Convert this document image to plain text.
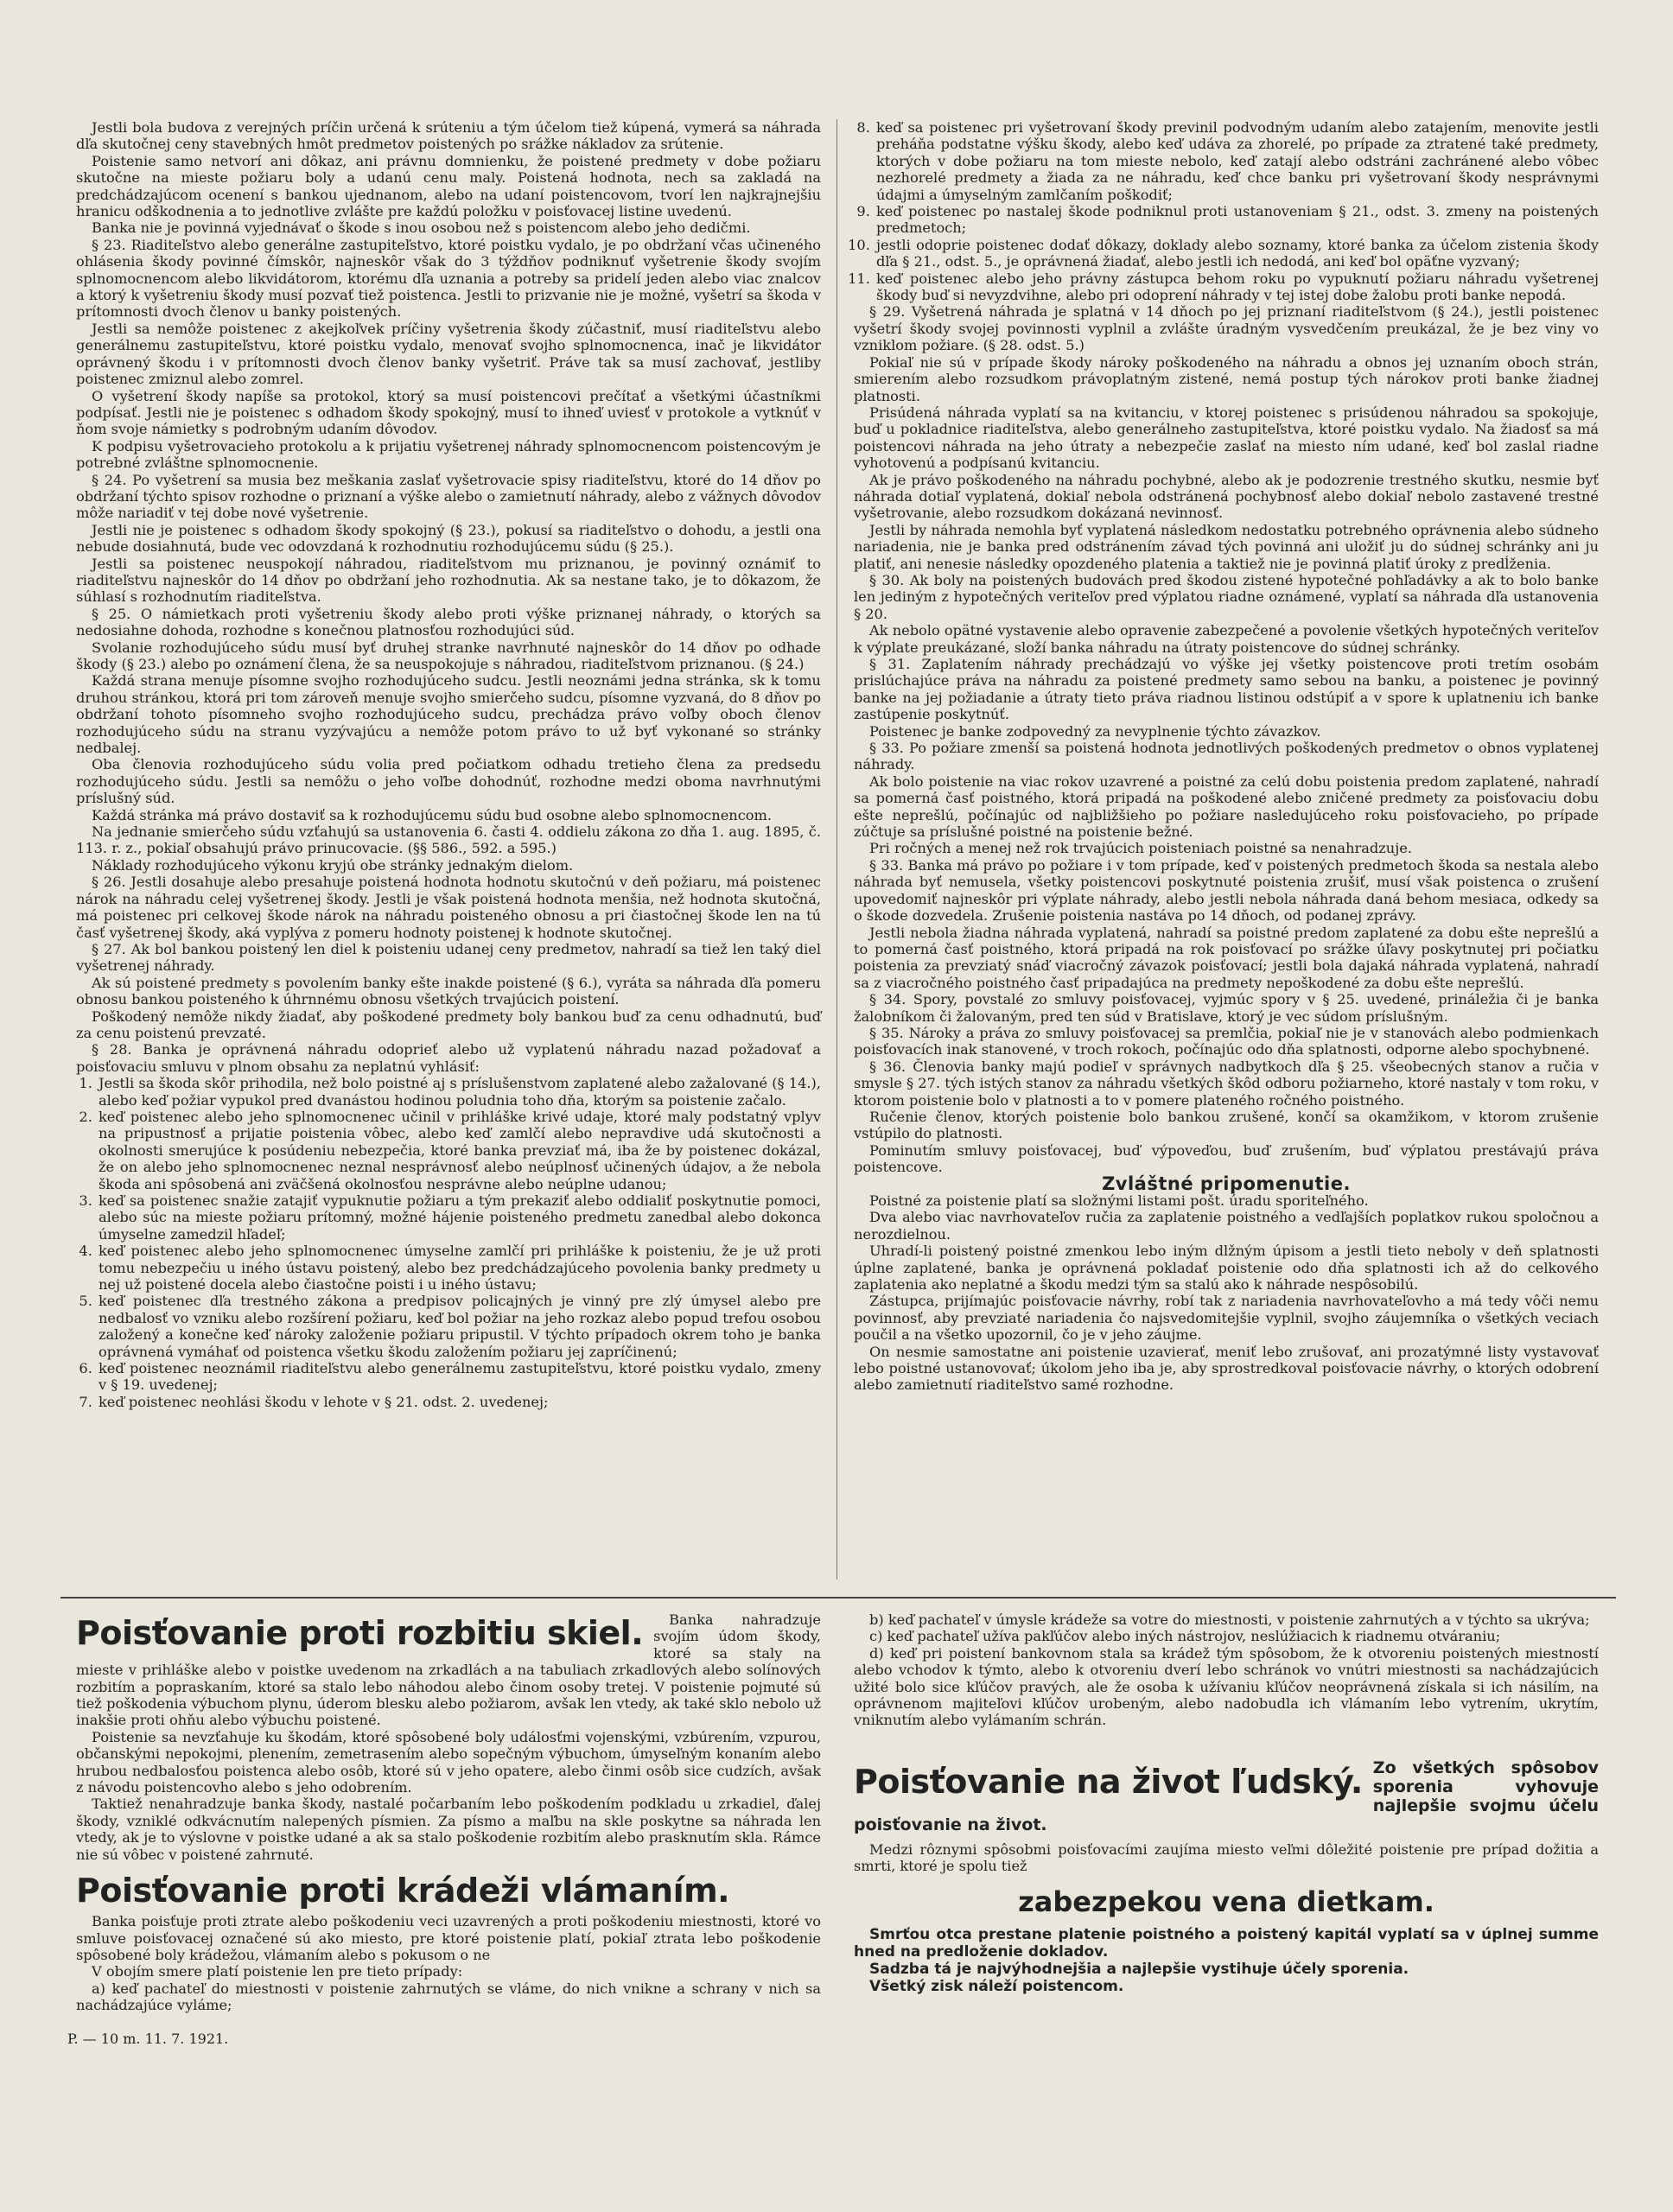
Jestli bola budova z verejných príčin určená k srúteniu a tým účelom tiež kúpená, vymerá sa náhrada dľa skutočnej ceny stavebných hmôt predmetov poistených po srážke nákladov za srútenie.

Poistenie samo netvorí ani dôkaz, ani právnu domnienku, že poistené predmety v dobe požiaru skutočne na mieste požiaru boly a udanú cenu maly. Poistená hodnota, nech sa zakladá na predchádzajúcom ocenení s bankou ujednanom, alebo na udaní poistencovom, tvorí len najkrajnejšiu hranicu odškodnenia a to jednotlive zvlášte pre každú položku v poisťovacej listine uvedenú.

Banka nie je povinná vyjednávať o škode s inou osobou než s poistencom alebo jeho dedičmi.

§ 23. Riaditeľstvo alebo generálne zastupiteľstvo, ktoré poistku vydalo, je po obdržaní včas učineného ohlásenia škody povinné čímskôr, najneskôr však do 3 týždňov podniknuť vyšetrenie škody svojím splnomocnencom alebo likvidátorom, ktorému dľa uznania a potreby sa pridelí jeden alebo viac znalcov a ktorý k vyšetreniu škody musí pozvať tiež poistenca. Jestli to prizvanie nie je možné, vyšetrí sa škoda v prítomnosti dvoch členov u banky poistených.

Jestli sa nemôže poistenec z akejkoľvek príčiny vyšetrenia škody zúčastniť, musí riaditeľstvu alebo generálnemu zastupiteľstvu, ktoré poistku vydalo, menovať svojho splnomocnenca, inač je likvidátor oprávnený škodu i v prítomnosti dvoch členov banky vyšetriť. Práve tak sa musí zachovať, jestliby poistenec zmiznul alebo zomrel.

O vyšetrení škody napíše sa protokol, ktorý sa musí poistencovi prečítať a všetkými účastníkmi podpísať. Jestli nie je poistenec s odhadom škody spokojný, musí to ihneď uviesť v protokole a vytknúť v ňom svoje námietky s podrobným udaním dôvodov.

K podpisu vyšetrovacieho protokolu a k prijatiu vyšetrenej náhrady splnomocnencom poistencovým je potrebné zvláštne splnomocnenie.

§ 24. Po vyšetrení sa musia bez meškania zaslať vyšetrovacie spisy riaditeľstvu, ktoré do 14 dňov po obdržaní týchto spisov rozhodne o priznaní a výške alebo o zamietnutí náhrady, alebo z vážnych dôvodov môže nariadiť v tej dobe nové vyšetrenie.

Jestli nie je poistenec s odhadom škody spokojný (§ 23.), pokusí sa riaditeľstvo o dohodu, a jestli ona nebude dosiahnutá, bude vec odovzdaná k rozhodnutiu rozhodujúcemu súdu (§ 25.).

Jestli sa poistenec neuspokojí náhradou, riaditeľstvom mu priznanou, je povinný oznámiť to riaditeľstvu najneskôr do 14 dňov po obdržaní jeho rozhodnutia. Ak sa nestane tako, je to dôkazom, že súhlasí s rozhodnutím riaditeľstva.

§ 25. O námietkach proti vyšetreniu škody alebo proti výške priznanej náhrady, o ktorých sa nedosiahne dohoda, rozhodne s konečnou platnosťou rozhodujúci súd.

Svolanie rozhodujúceho súdu musí byť druhej stranke navrhnuté najneskôr do 14 dňov po odhade škody (§ 23.) alebo po oznámení člena, že sa neuspokojuje s náhradou, riaditeľstvom priznanou. (§ 24.)

Každá strana menuje písomne svojho rozhodujúceho sudcu. Jestli neoznámi jedna stránka, sk k tomu druhou stránkou, ktorá pri tom zároveň menuje svojho smierčeho sudcu, písomne vyzvaná, do 8 dňov po obdržaní tohoto písomneho svojho rozhodujúceho sudcu, prechádza právo voľby oboch členov rozhodujúceho súdu na stranu vyzývajúcu a nemôže potom právo to už byť vykonané so stránky nedbalej.

Oba členovia rozhodujúceho súdu volia pred počiatkom odhadu tretieho člena za predsedu rozhodujúceho súdu. Jestli sa nemôžu o jeho voľbe dohodnúť, rozhodne medzi oboma navrhnutými príslušný súd.

Každá stránka má právo dostaviť sa k rozhodujúcemu súdu bud osobne alebo splnomocnencom.

Na jednanie smierčeho súdu vzťahujú sa ustanovenia 6. časti 4. oddielu zákona zo dňa 1. aug. 1895, č. 113. r. z., pokiaľ obsahujú právo prinucovacie. (§§ 586., 592. a 595.)

Náklady rozhodujúceho výkonu kryjú obe stránky jednakým dielom.

§ 26. Jestli dosahuje alebo presahuje poistená hodnota hodnotu skutočnú v deň požiaru, má poistenec nárok na náhradu celej vyšetrenej škody. Jestli je však poistená hodnota menšia, než hodnota skutočná, má poistenec pri celkovej škode nárok na náhradu poisteného obnosu a pri čiastočnej škode len na tú časť vyšetrenej škody, aká vyplýva z pomeru hodnoty poistenej k hodnote skutočnej.

§ 27. Ak bol bankou poistený len diel k poisteniu udanej ceny predmetov, nahradí sa tiež len taký diel vyšetrenej náhrady.

Ak sú poistené predmety s povolením banky ešte inakde poistené (§ 6.), vyráta sa náhrada dľa pomeru obnosu bankou poisteného k úhrnnému obnosu všetkých trvajúcich poistení.

Poškodený nemôže nikdy žiadať, aby poškodené predmety boly bankou buď za cenu odhadnutú, buď za cenu poistenú prevzaté.

§ 28. Banka je oprávnená náhradu odoprieť alebo už vyplatenú náhradu nazad požadovať a poisťovaciu smluvu v plnom obsahu za neplatnú vyhlásiť:

1. Jestli sa škoda skôr prihodila, než bolo poistné aj s príslušenstvom zaplatené alebo zažalované (§ 14.), alebo keď požiar vypukol pred dvanástou hodinou poludnia toho dňa, ktorým sa poistenie začalo.
2. keď poistenec alebo jeho splnomocnenec učinil v prihláške krivé udaje, ktoré maly podstatný vplyv na pripustnosť a prijatie poistenia vôbec, alebo keď zamlčí alebo nepravdive udá skutočnosti a okolnosti smerujúce k posúdeniu nebezpečia, ktoré banka prevziať má, iba že by poistenec dokázal, že on alebo jeho splnomocnenec neznal nesprávnosť alebo neúplnosť učinených údajov, a že nebola škoda ani spôsobená ani zväčšená okolnosťou nesprávne alebo neúplne udanou;
3. keď sa poistenec snažie zatajiť vypuknutie požiaru a tým prekaziť alebo oddialiť poskytnutie pomoci, alebo súc na mieste požiaru prítomný, možné hájenie poisteného predmetu zanedbal alebo dokonca úmyselne zamedzil hľadeľ;
4. keď poistenec alebo jeho splnomocnenec úmyselne zamlčí pri prihláške k poisteniu, že je už proti tomu nebezpečiu u iného ústavu poistený, alebo bez predchádzajúceho povolenia banky predmety u nej už poistené docela alebo čiastočne poisti i u iného ústavu;
5. keď poistenec dľa trestného zákona a predpisov policajných je vinný pre zlý úmysel alebo pre nedbalosť vo vzniku alebo rozšírení požiaru, keď bol požiar na jeho rozkaz alebo popud trefou osobou založený a konečne keď nároky založenie požiaru pripustil. V týchto prípadoch okrem toho je banka oprávnená vymáhať od poistenca všetku škodu založením požiaru jej zapríčinenú;
6. keď poistenec neoznámil riaditeľstvu alebo generálnemu zastupiteľstvu, ktoré poistku vydalo, zmeny v § 19. uvedenej;
7. keď poistenec neohlási škodu v lehote v § 21. odst. 2. uvedenej;
8. keď sa poistenec pri vyšetrovaní škody previnil podvodným udaním alebo zatajením, menovite jestli preháňa podstatne výšku škody, alebo keď udáva za zhorelé, po prípade za ztratené také predmety, ktorých v dobe požiaru na tom mieste nebolo, keď zatají alebo odstráni zachránené alebo vôbec nezhorelé predmety a žiada za ne náhradu, keď chce banku pri vyšetrovaní škody nesprávnymi údajmi a úmyselným zamlčaním poškodiť;
9. keď poistenec po nastalej škode podniknul proti ustanoveniam § 21., odst. 3. zmeny na poistených predmetoch;
10. jestli odoprie poistenec dodať dôkazy, doklady alebo soznamy, ktoré banka za účelom zistenia škody dľa § 21., odst. 5., je oprávnená žiadať, alebo jestli ich nedodá, ani keď bol opäťne vyzvaný;
11. keď poistenec alebo jeho právny zástupca behom roku po vypuknutí požiaru náhradu vyšetrenej škody buď si nevyzdvihne, alebo pri odoprení náhrady v tej istej dobe žalobu proti banke nepodá.

§ 29. Vyšetrená náhrada je splatná v 14 dňoch po jej priznaní riaditeľstvom (§ 24.), jestli poistenec vyšetrí škody svojej povinnosti vyplnil a zvlášte úradným vysvedčením preukázal, že je bez viny vo vzniklom požiare. (§ 28. odst. 5.)

Pokiaľ nie sú v prípade škody nároky poškodeného na náhradu a obnos jej uznaním oboch strán, smierením alebo rozsudkom právoplatným zistené, nemá postup tých nárokov proti banke žiadnej platnosti.

Prisúdená náhrada vyplatí sa na kvitanciu, v ktorej poistenec s prisúdenou náhradou sa spokojuje, buď u pokladnice riaditeľstva, alebo generálneho zastupiteľstva, ktoré poistku vydalo. Na žiadosť sa má poistencovi náhrada na jeho útraty a nebezpečie zaslať na miesto ním udané, keď bol zaslal riadne vyhotovenú a podpísanú kvitanciu.

Ak je právo poškodeného na náhradu pochybné, alebo ak je podozrenie trestného skutku, nesmie byť náhrada dotiaľ vyplatená, dokiaľ nebola odstránená pochybnosť alebo dokiaľ nebolo zastavené trestné vyšetrovanie, alebo rozsudkom dokázaná nevinnosť.

Jestli by náhrada nemohla byť vyplatená následkom nedostatku potrebného oprávnenia alebo súdneho nariadenia, nie je banka pred odstránením závad tých povinná ani uložiť ju do súdnej schránky ani ju platiť, ani nenesie následky opozdeného platenia a taktiež nie je povinná platiť úroky z predĺženia.

§ 30. Ak boly na poistených budovách pred škodou zistené hypotečné pohľadávky a ak to bolo banke len jediným z hypotečných veriteľov pred výplatou riadne oznámené, vyplatí sa náhrada dľa ustanovenia § 20.

Ak nebolo opätné vystavenie alebo opravenie zabezpečené a povolenie všetkých hypotečných veriteľov k výplate preukázané, složí banka náhradu na útraty poistencove do súdnej schránky.

§ 31. Zaplatením náhrady prechádzajú vo výške jej všetky poistencove proti tretím osobám prislúchajúce práva na náhradu za poistené predmety samo sebou na banku, a poistenec je povinný banke na jej požiadanie a útraty tieto práva riadnou listinou odstúpiť a v spore k uplatneniu ich banke zastúpenie poskytnúť.

Poistenec je banke zodpovedný za nevyplnenie týchto závazkov.

§ 33. Po požiare zmenší sa poistená hodnota jednotlivých poškodených predmetov o obnos vyplatenej náhrady.

Ak bolo poistenie na viac rokov uzavrené a poistné za celú dobu poistenia predom zaplatené, nahradí sa pomerná časť poistného, ktorá pripadá na poškodené alebo zničené predmety za poisťovaciu dobu ešte neprešlú, počínajúc od najbližšieho po požiare nasledujúceho roku poisťovacieho, po prípade zúčtuje sa príslušné poistné na poistenie bežné.

Pri ročných a menej než rok trvajúcich poisteniach poistné sa nenahradzuje.

§ 33. Banka má právo po požiare i v tom prípade, keď v poistených predmetoch škoda sa nestala alebo náhrada byť nemusela, všetky poistencovi poskytnuté poistenia zrušiť, musí však poistenca o zrušení upovedomiť najneskôr pri výplate náhrady, alebo jestli nebola náhrada daná behom mesiaca, odkedy sa o škode dozvedela. Zrušenie poistenia nastáva po 14 dňoch, od podanej zprávy.

Jestli nebola žiadna náhrada vyplatená, nahradí sa poistné predom zaplatené za dobu ešte neprešlú a to pomerná časť poistného, ktorá pripadá na rok poisťovací po srážke úľavy poskytnutej pri počiatku poistenia za prevziatý snáď viacročný závazok poisťovací; jestli bola dajaká náhrada vyplatená, nahradí sa z viacročného poistného časť pripadajúca na predmety nepoškodené za dobu ešte neprešlú.

§ 34. Spory, povstalé zo smluvy poisťovacej, vyjmúc spory v § 25. uvedené, prináležia či je banka žalobníkom či žalovaným, pred ten súd v Bratislave, ktorý je vec súdom príslušným.

§ 35. Nároky a práva zo smluvy poisťovacej sa premlčia, pokiaľ nie je v stanovách alebo podmienkach poisťovacích inak stanovené, v troch rokoch, počínajúc odo dňa splatnosti, odporne alebo spochybnené.

§ 36. Členovia banky majú podieľ v správnych nadbytkoch dľa § 25. všeobecných stanov a ručia v smysle § 27. tých istých stanov za náhradu všetkých škôd odboru požiarneho, ktoré nastaly v tom roku, v ktorom poistenie bolo v platnosti a to v pomere plateného ročného poistného.

Ručenie členov, ktorých poistenie bolo bankou zrušené, končí sa okamžikom, v ktorom zrušenie vstúpilo do platnosti.

Pominutím smluvy poisťovacej, buď výpoveďou, buď zrušením, buď výplatou prestávajú práva poistencove.

Zvláštné pripomenutie.

Poistné za poistenie platí sa složnými listami pošt. úradu sporiteľného.

Dva alebo viac navrhovateľov ručia za zaplatenie poistného a vedľajších poplatkov rukou spoločnou a nerozdielnou.

Uhradí-li poistený poistné zmenkou lebo iným dlžným úpisom a jestli tieto neboly v deň splatnosti úplne zaplatené, banka je oprávnená pokladať poistenie odo dňa splatnosti ich až do celkového zaplatenia ako neplatné a škodu medzi tým sa stalú ako k náhrade nespôsobilú.

Zástupca, prijímajúc poisťovacie návrhy, robí tak z nariadenia navrhovateľovho a má tedy vôči nemu povinnosť, aby prevziaté nariadenia čo najsvedomitejšie vyplnil, svojho záujemníka o všetkých veciach poučil a na všetko upozornil, čo je v jeho záujme.

On nesmie samostatne ani poistenie uzavierať, meniť lebo zrušovať, ani prozatýmné listy vystavovať lebo poistné ustanovovať; úkolom jeho iba je, aby sprostredkoval poisťovacie návrhy, o ktorých odobrení alebo zamietnutí riaditeľstvo samé rozhodne.

Poisťovanie proti rozbitiu skiel.	Banka nahradzuje svojím údom škody, ktoré sa staly na mieste v prihláške alebo v poistke uvedenom na zrkadlách a na tabuliach zrkadlových alebo solínových rozbitím a popraskaním, ktoré sa stalo lebo náhodou alebo činom osoby tretej. V poistenie pojmuté sú tiež poškodenia výbuchom plynu, úderom blesku alebo požiarom, avšak len vtedy, ak také sklo nebolo už inakšie proti ohňu alebo výbuchu poistené.

Poistenie sa nevzťahuje ku škodám, ktoré spôsobené boly událosťmi vojenskými, vzbúrením, vzpurou, občanskými nepokojmi, plenením, zemetrasením alebo sopečným výbuchom, úmyseľným konaním alebo hrubou nedbalosťou poistenca alebo osôb, ktoré sú v jeho opatere, alebo činmi osôb sice cudzích, avšak z návodu poistencovho alebo s jeho odobrením.

Taktiež nenahradzuje banka škody, nastalé počarbaním lebo poškodením podkladu u zrkadiel, ďalej škody, vzniklé odkvácnutím nalepených písmien. Za písmo a maľbu na skle poskytne sa náhrada len vtedy, ak je to výslovne v poistke udané a ak sa stalo poškodenie rozbitím alebo prasknutím skla. Rámce nie sú vôbec v poistené zahrnuté.

Poisťovanie proti krádeži vlámaním.

Banka poisťuje proti ztrate alebo poškodeniu veci uzavrených a proti poškodeniu miestnosti, ktoré vo smluve poisťovacej označené sú ako miesto, pre ktoré poistenie platí, pokiaľ ztrata lebo poškodenie spôsobené boly krádežou, vlámaním alebo s pokusom o ne

V obojím smere platí poistenie len pre tieto prípady:

a) keď pachateľ do miestnosti v poistenie zahrnutých se vláme, do nich vnikne a schrany v nich sa nachádzajúce vyláme;

b) keď pachateľ v úmysle krádeže sa votre do miestnosti, v poistenie zahrnutých a v týchto sa ukrýva;

c) keď pachateľ užíva pakľúčov alebo iných nástrojov, neslúžiacich k riadnemu otváraniu;

d) keď pri poistení bankovnom stala sa krádež tým spôsobom, že k otvoreniu poistených miestností alebo vchodov k týmto, alebo k otvoreniu dverí lebo schránok vo vnútri miestnosti sa nachádzajúcich užité bolo sice kľúčov pravých, ale že osoba k užívaniu kľúčov neoprávnená získala si ich násilím, na oprávnenom majiteľovi kľúčov urobeným, alebo nadobudla ich vlámaním lebo vytrením, ukrytím, vniknutím alebo vylámaním schrán.

Poisťovanie na život ľudský. Zo všetkých spôsobov sporenia vyhovuje najlepšie svojmu účelu poisťovanie na život.

Medzi rôznymi spôsobmi poisťovacími zaujíma miesto veľmi dôležité poistenie pre prípad dožitia a smrti, ktoré je spolu tiež

zabezpekou vena dietkam.

Smrťou otca prestane platenie poistného a poistený kapitál vyplatí sa v úplnej summe hned na predloženie dokladov.

Sadzba tá je najvýhodnejšia a najlepšie vystihuje účely sporenia.

Všetký zisk náleží poistencom.

P. — 10 m. 11. 7. 1921.
